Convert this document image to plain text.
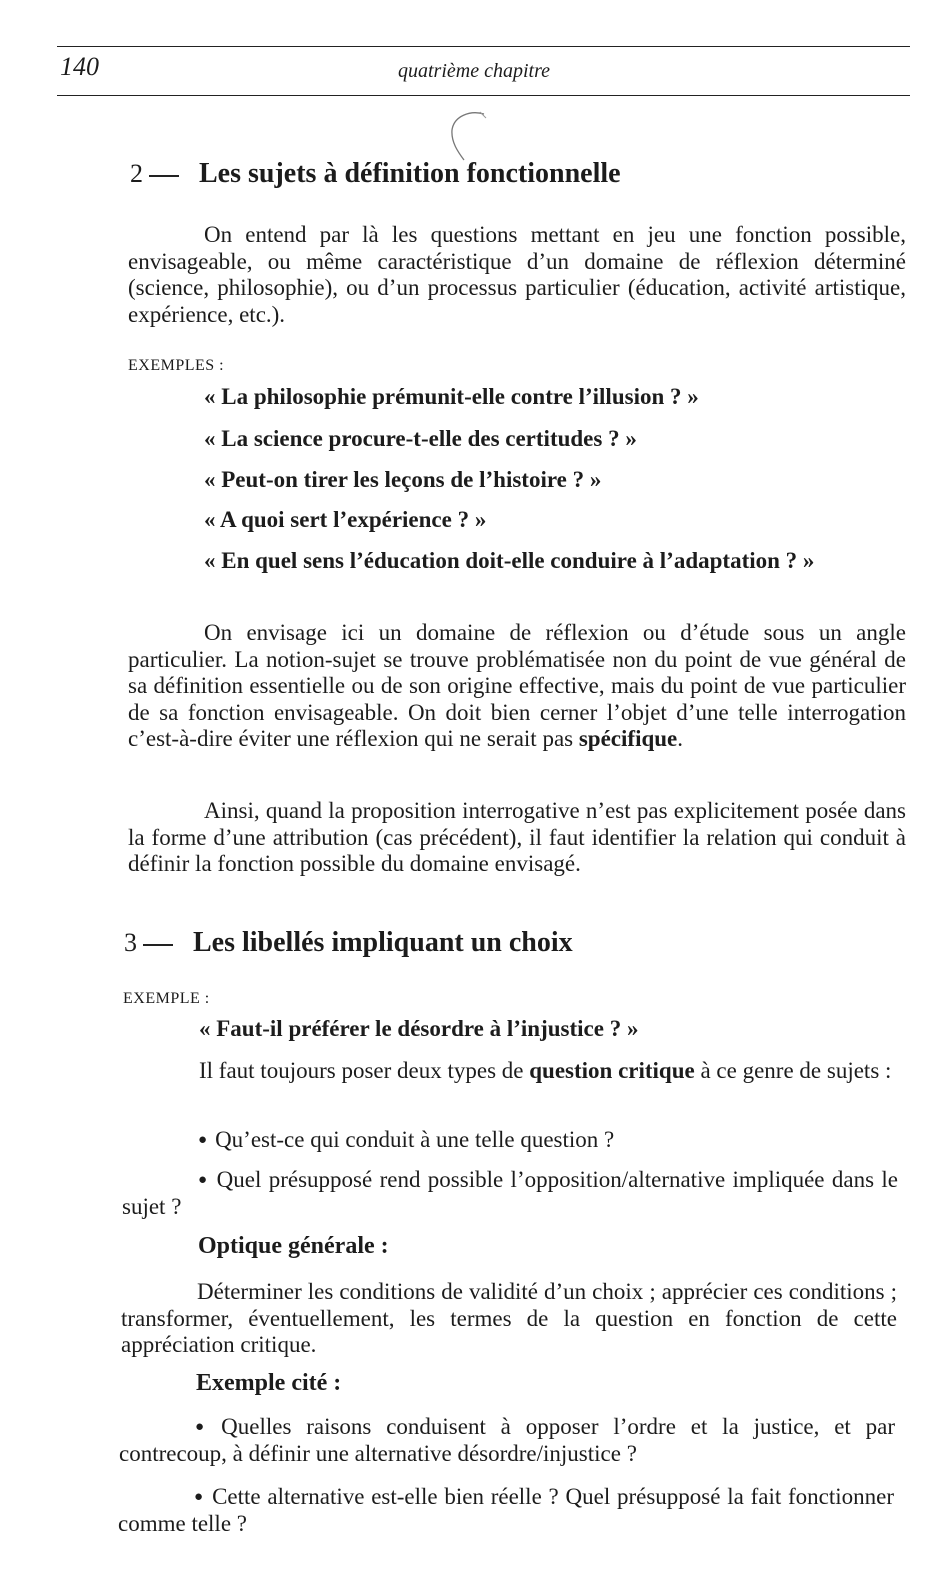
140	quatrième chapitre
2 Les sujets à définition fonctionnelle
On entend par là les questions mettant en jeu une fonction possible, envisageable, ou même caractéristique d’un domaine de réflexion déterminé (science, philosophie), ou d’un processus particulier (éducation, activité artistique, expérience, etc.).
EXEMPLES :
« La philosophie prémunit-elle contre l’illusion ? »
« La science procure-t-elle des certitudes ? »
« Peut-on tirer les leçons de l’histoire ? »
« A quoi sert l’expérience ? »
« En quel sens l’éducation doit-elle conduire à l’adaptation ? »
On envisage ici un domaine de réflexion ou d’étude sous un angle particulier. La notion-sujet se trouve problématisée non du point de vue général de sa définition essentielle ou de son origine effective, mais du point de vue particulier de sa fonction envisageable. On doit bien cerner l’objet d’une telle interrogation c’est-à-dire éviter une réflexion qui ne serait pas spécifique.
Ainsi, quand la proposition interrogative n’est pas explicitement posée dans la forme d’une attribution (cas précédent), il faut identifier la relation qui conduit à définir la fonction possible du domaine envisagé.
3 Les libellés impliquant un choix
EXEMPLE :
« Faut-il préférer le désordre à l’injustice ? »
Il faut toujours poser deux types de question critique à ce genre de sujets :
● Qu’est-ce qui conduit à une telle question ?
● Quel présupposé rend possible l’opposition/alternative impliquée dans le sujet ?
Optique générale :
Déterminer les conditions de validité d’un choix ; apprécier ces conditions ; transformer, éventuellement, les termes de la question en fonction de cette appréciation critique.
Exemple cité :
● Quelles raisons conduisent à opposer l’ordre et la justice, et par contrecoup, à définir une alternative désordre/injustice ?
● Cette alternative est-elle bien réelle ? Quel présupposé la fait fonctionner comme telle ?
